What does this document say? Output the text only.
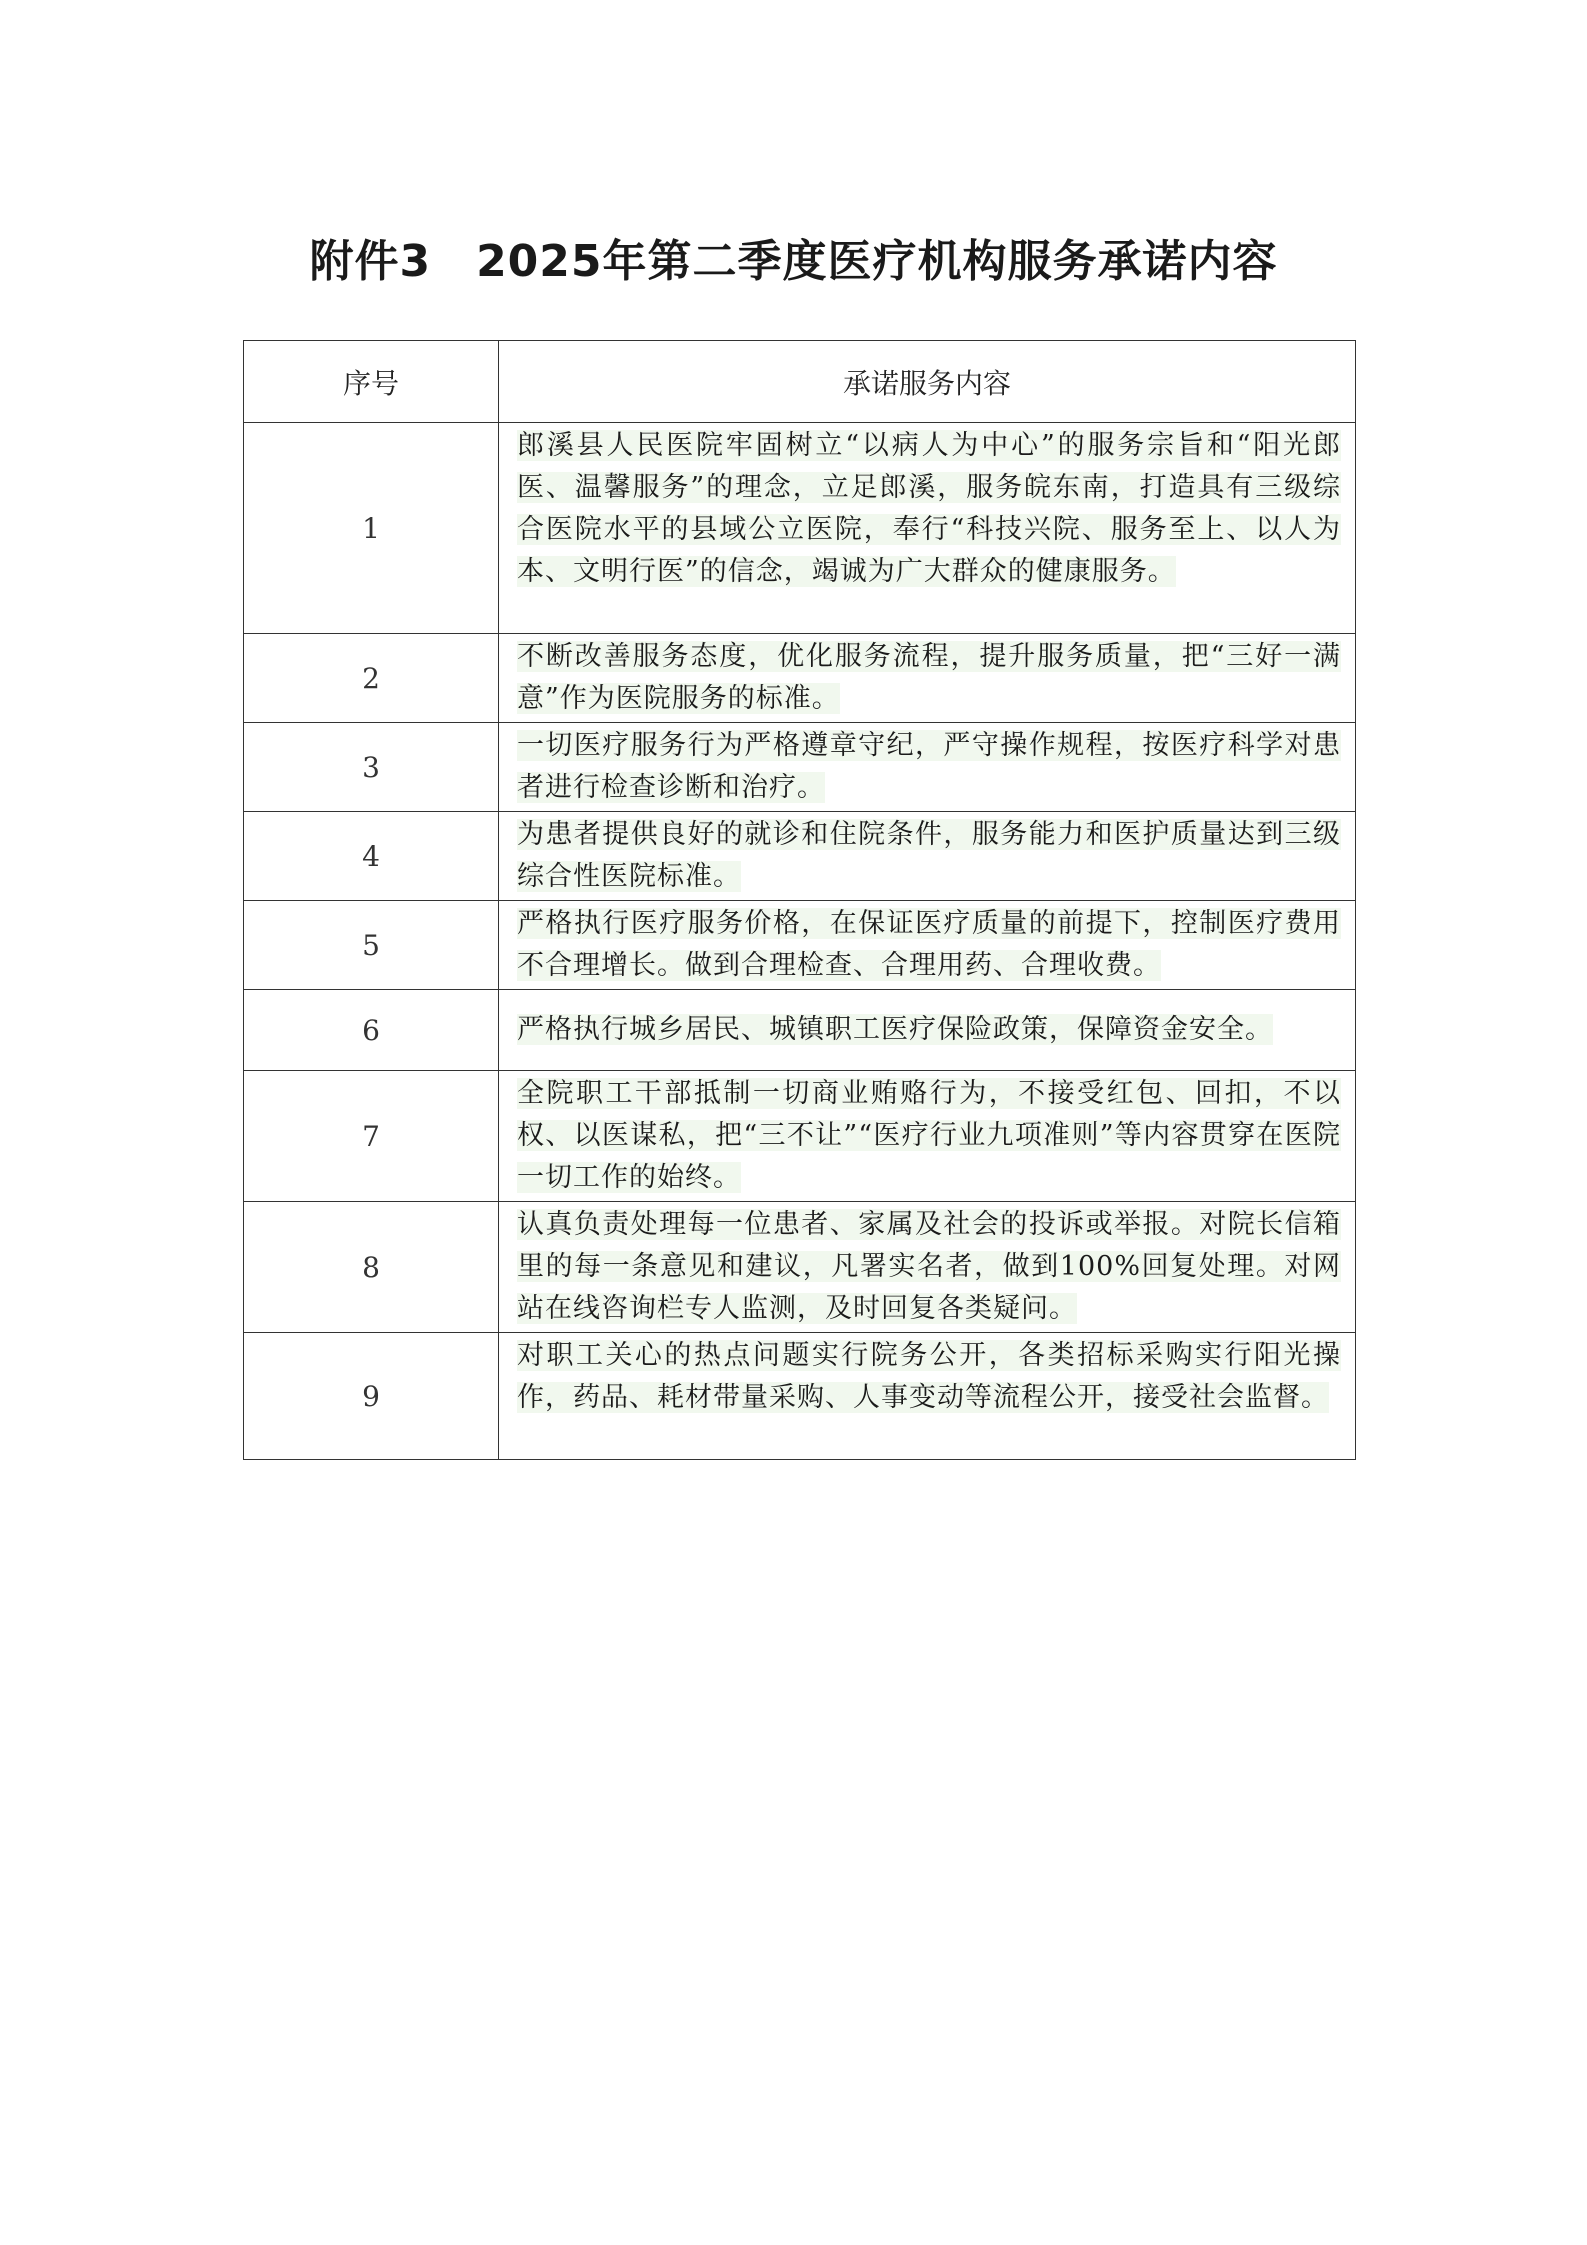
附件3　2025年第二季度医疗机构服务承诺内容
序号	承诺服务内容
1	郎溪县人民医院牢固树立“以病人为中心”的服务宗旨和“阳光郎医、温馨服务”的理念，立足郎溪，服务皖东南，打造具有三级综合医院水平的县域公立医院，奉行“科技兴院、服务至上、以人为本、文明行医”的信念，竭诚为广大群众的健康服务。
2	不断改善服务态度，优化服务流程，提升服务质量，把“三好一满意”作为医院服务的标准。
3	一切医疗服务行为严格遵章守纪，严守操作规程，按医疗科学对患者进行检查诊断和治疗。
4	为患者提供良好的就诊和住院条件，服务能力和医护质量达到三级综合性医院标准。
5	严格执行医疗服务价格，在保证医疗质量的前提下，控制医疗费用不合理增长。做到合理检查、合理用药、合理收费。
6	严格执行城乡居民、城镇职工医疗保险政策，保障资金安全。
7	全院职工干部抵制一切商业贿赂行为，不接受红包、回扣，不以权、以医谋私，把“三不让”“医疗行业九项准则”等内容贯穿在医院一切工作的始终。
8	认真负责处理每一位患者、家属及社会的投诉或举报。对院长信箱里的每一条意见和建议，凡署实名者，做到100%回复处理。对网站在线咨询栏专人监测，及时回复各类疑问。
9	对职工关心的热点问题实行院务公开，各类招标采购实行阳光操作，药品、耗材带量采购、人事变动等流程公开，接受社会监督。
